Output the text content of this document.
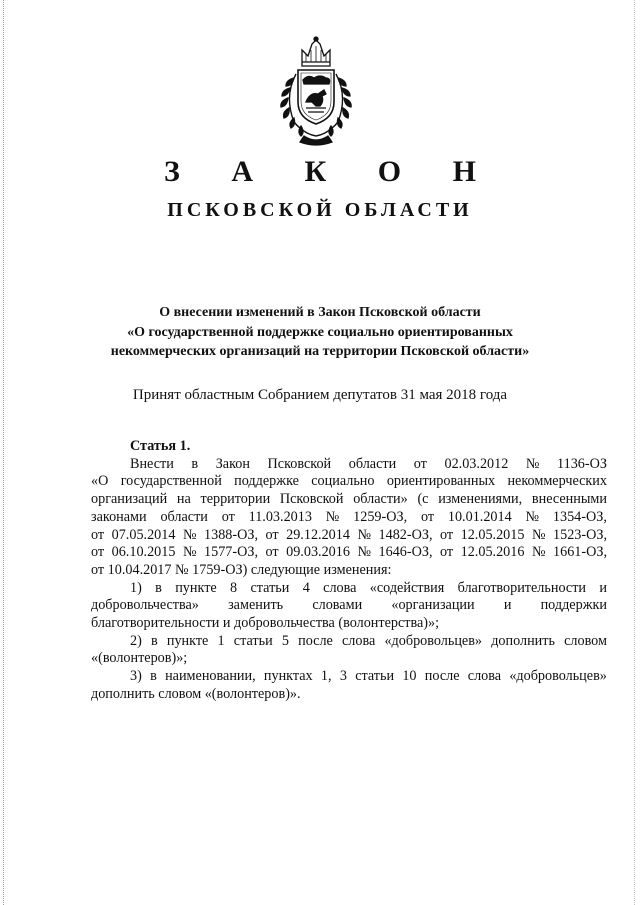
З А К О Н
ПСКОВСКОЙ ОБЛАСТИ
О внесении изменений в Закон Псковской области
«О государственной поддержке социально ориентированных
некоммерческих организаций на территории Псковской области»
Принят областным Собранием депутатов 31 мая 2018 года
Статья 1.
Внести в Закон Псковской области от 02.03.2012 № 1136-ОЗ
«О государственной поддержке социально ориентированных некоммерческих
организаций на территории Псковской области» (с изменениями, внесенными
законами области от 11.03.2013 № 1259-ОЗ, от 10.01.2014 № 1354-ОЗ,
от 07.05.2014 № 1388-ОЗ, от 29.12.2014 № 1482-ОЗ, от 12.05.2015 № 1523-ОЗ,
от 06.10.2015 № 1577-ОЗ, от 09.03.2016 № 1646-ОЗ, от 12.05.2016 № 1661-ОЗ,
от 10.04.2017 № 1759-ОЗ) следующие изменения:
1) в пункте 8 статьи 4 слова «содействия благотворительности и
добровольчества» заменить словами «организации и поддержки
благотворительности и добровольчества (волонтерства)»;
2) в пункте 1 статьи 5 после слова «добровольцев» дополнить словом
«(волонтеров)»;
3) в наименовании, пунктах 1, 3 статьи 10 после слова «добровольцев»
дополнить словом «(волонтеров)».
